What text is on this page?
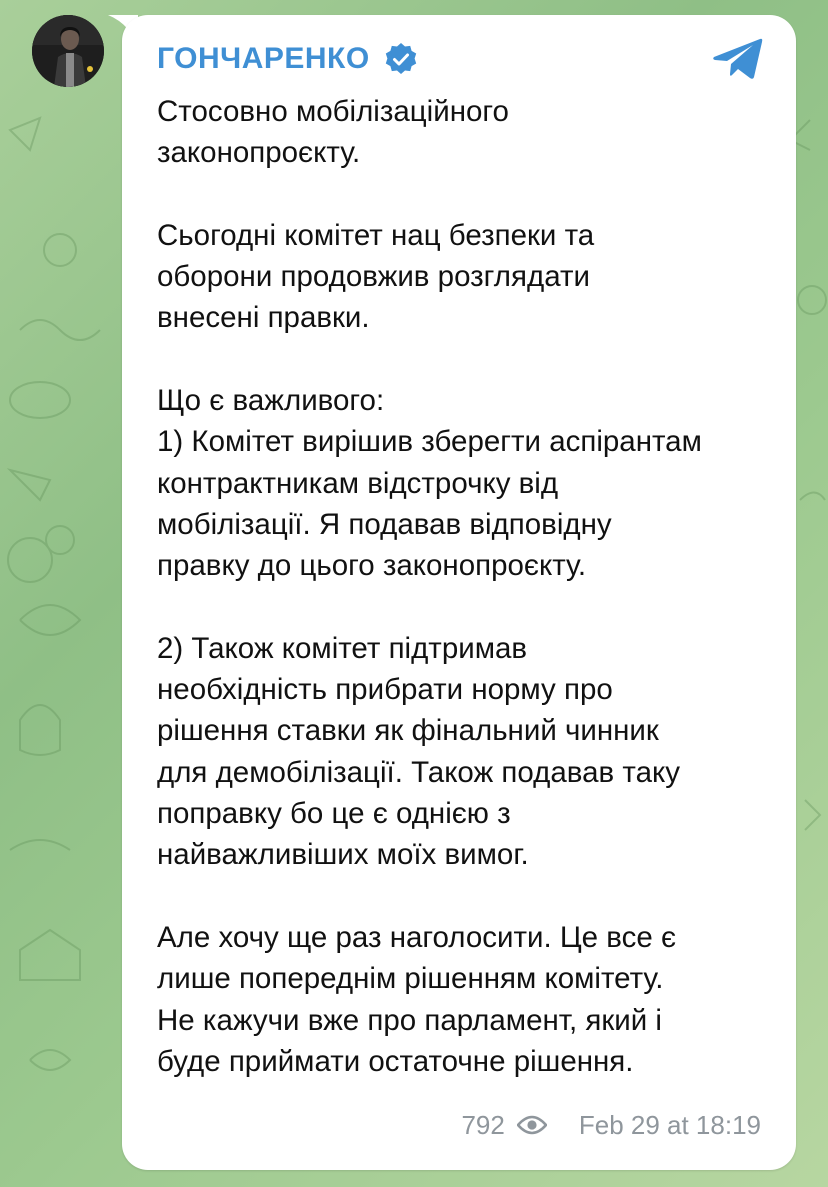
ГОНЧАРЕНКО

Стосовно мобілізаційного
законопроєкту.

Сьогодні комітет нац безпеки та
оборони продовжив розглядати
внесені правки.

Що є важливого:
1) Комітет вирішив зберегти аспірантам
контрактникам відстрочку від
мобілізації. Я подавав відповідну
правку до цього законопроєкту.

2) Також комітет підтримав
необхідність прибрати норму про
рішення ставки як фінальний чинник
для демобілізації. Також подавав таку
поправку бо це є однією з
найважливіших моїх вимог.

Але хочу ще раз наголосити. Це все є
лише попереднім рішенням комітету.
Не кажучи вже про парламент, який і
буде приймати остаточне рішення.

792	Feb 29 at 18:19
